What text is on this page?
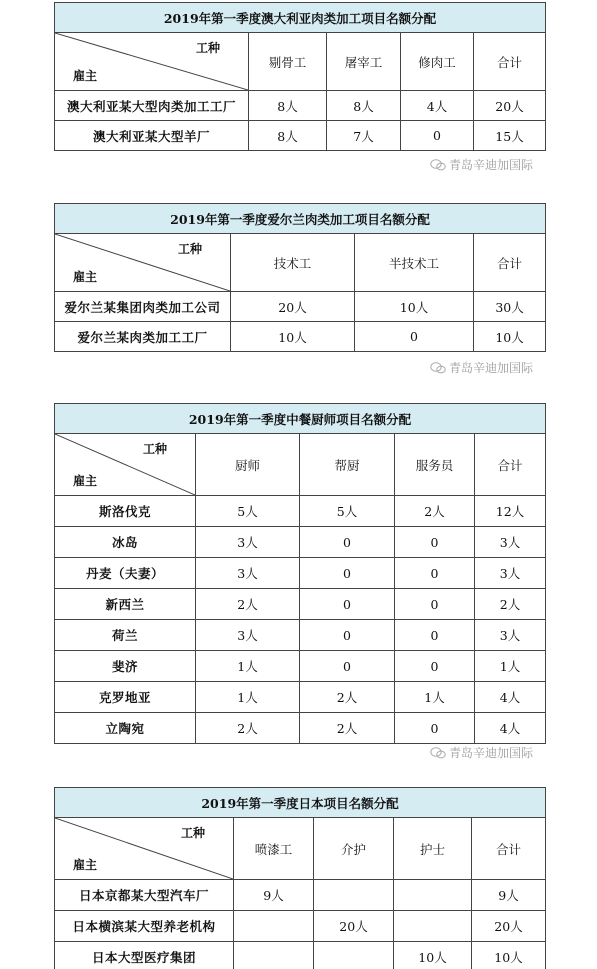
2019年第一季度澳大利亚肉类加工项目名额分配				

工种
雇主	剔骨工	屠宰工	修肉工	合计
澳大利亚某大型肉类加工工厂	8人	8人	4人	20人
澳大利亚某大型羊厂	8人	7人	0	15人
青岛辛迪加国际
2019年第一季度爱尔兰肉类加工项目名额分配			

工种
雇主	技术工	半技术工	合计
爱尔兰某集团肉类加工公司	20人	10人	30人
爱尔兰某肉类加工工厂	10人	0	10人
青岛辛迪加国际
2019年第一季度中餐厨师项目名额分配				

工种
雇主	厨师	帮厨	服务员	合计
斯洛伐克	5人	5人	2人	12人
冰岛	3人	0	0	3人
丹麦（夫妻）	3人	0	0	3人
新西兰	2人	0	0	2人
荷兰	3人	0	0	3人
斐济	1人	0	0	1人
克罗地亚	1人	2人	1人	4人
立陶宛	2人	2人	0	4人
青岛辛迪加国际
2019年第一季度日本项目名额分配				

工种
雇主	喷漆工	介护	护士	合计
日本京都某大型汽车厂	9人			9人
日本横滨某大型养老机构		20人		20人
日本大型医疗集团			10人	10人
